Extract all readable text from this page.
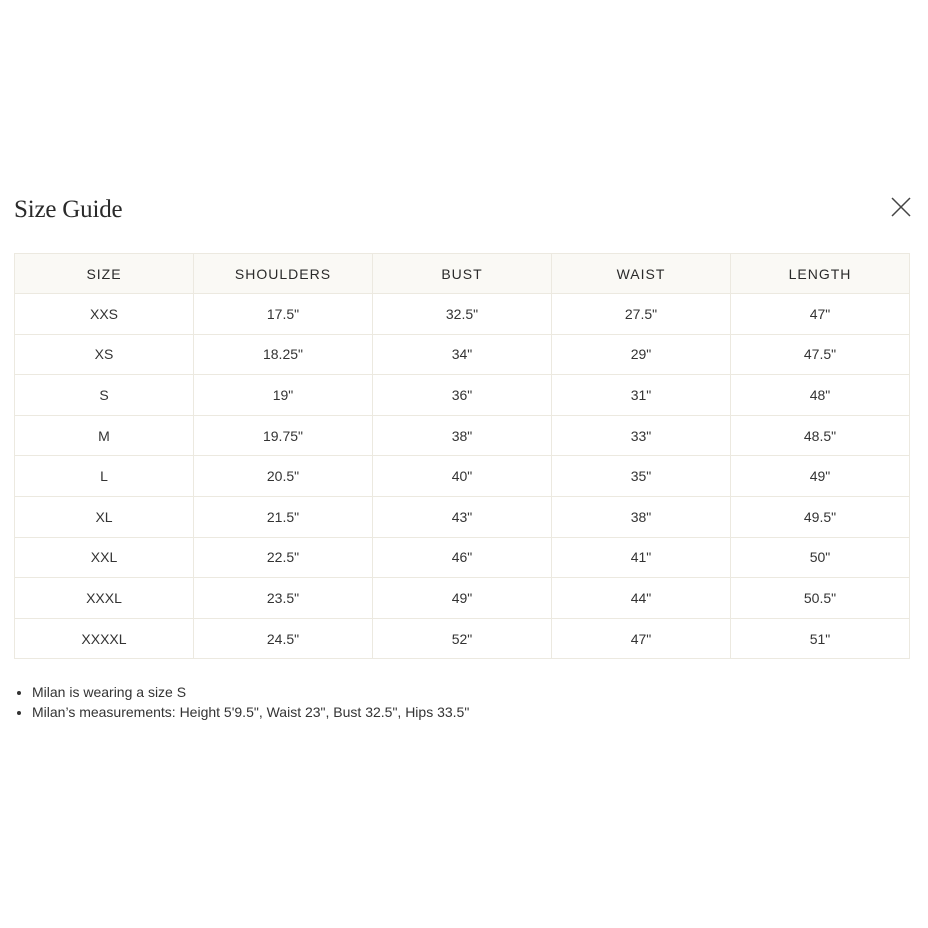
Size Guide
SIZE	SHOULDERS	BUST	WAIST	LENGTH
XXS	17.5"	32.5"	27.5"	47"
XS	18.25"	34"	29"	47.5"
S	19"	36"	31"	48"
M	19.75"	38"	33"	48.5"
L	20.5"	40"	35"	49"
XL	21.5"	43"	38"	49.5"
XXL	22.5"	46"	41"	50"
XXXL	23.5"	49"	44"	50.5"
XXXXL	24.5"	52"	47"	51"
• Milan is wearing a size S
• Milan’s measurements: Height 5'9.5", Waist 23", Bust 32.5", Hips 33.5"
